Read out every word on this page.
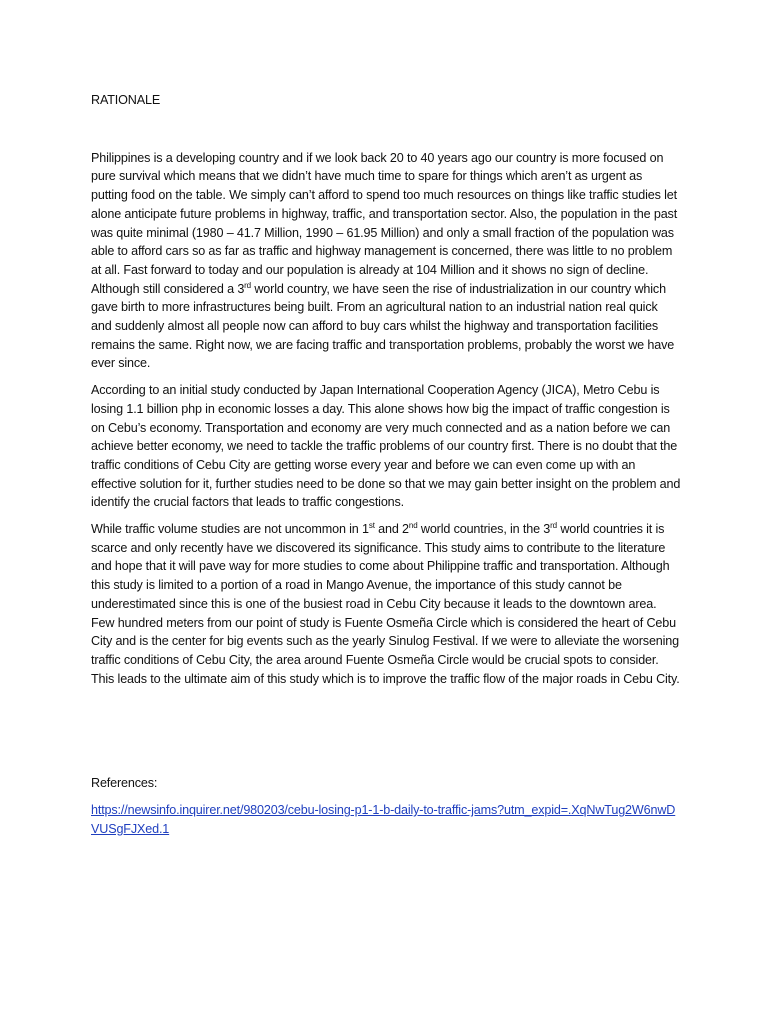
RATIONALE

Philippines is a developing country and if we look back 20 to 40 years ago our country is more focused on pure survival which means that we didn’t have much time to spare for things which aren’t as urgent as putting food on the table. We simply can’t afford to spend too much resources on things like traffic studies let alone anticipate future problems in highway, traffic, and transportation sector. Also, the population in the past was quite minimal (1980 – 41.7 Million, 1990 – 61.95 Million) and only a small fraction of the population was able to afford cars so as far as traffic and highway management is concerned, there was little to no problem at all. Fast forward to today and our population is already at 104 Million and it shows no sign of decline. Although still considered a 3rd world country, we have seen the rise of industrialization in our country which gave birth to more infrastructures being built. From an agricultural nation to an industrial nation real quick and suddenly almost all people now can afford to buy cars whilst the highway and transportation facilities remains the same. Right now, we are facing traffic and transportation problems, probably the worst we have ever since.

According to an initial study conducted by Japan International Cooperation Agency (JICA), Metro Cebu is losing 1.1 billion php in economic losses a day. This alone shows how big the impact of traffic congestion is on Cebu’s economy. Transportation and economy are very much connected and as a nation before we can achieve better economy, we need to tackle the traffic problems of our country first. There is no doubt that the traffic conditions of Cebu City are getting worse every year and before we can even come up with an effective solution for it, further studies need to be done so that we may gain better insight on the problem and identify the crucial factors that leads to traffic congestions.

While traffic volume studies are not uncommon in 1st and 2nd world countries, in the 3rd world countries it is scarce and only recently have we discovered its significance. This study aims to contribute to the literature and hope that it will pave way for more studies to come about Philippine traffic and transportation. Although this study is limited to a portion of a road in Mango Avenue, the importance of this study cannot be underestimated since this is one of the busiest road in Cebu City because it leads to the downtown area. Few hundred meters from our point of study is Fuente Osmeña Circle which is considered the heart of Cebu City and is the center for big events such as the yearly Sinulog Festival. If we were to alleviate the worsening traffic conditions of Cebu City, the area around Fuente Osmeña Circle would be crucial spots to consider. This leads to the ultimate aim of this study which is to improve the traffic flow of the major roads in Cebu City.

References:

https://newsinfo.inquirer.net/980203/cebu-losing-p1-1-b-daily-to-traffic-jams?utm_expid=.XqNwTug2W6nwDVUSgFJXed.1
